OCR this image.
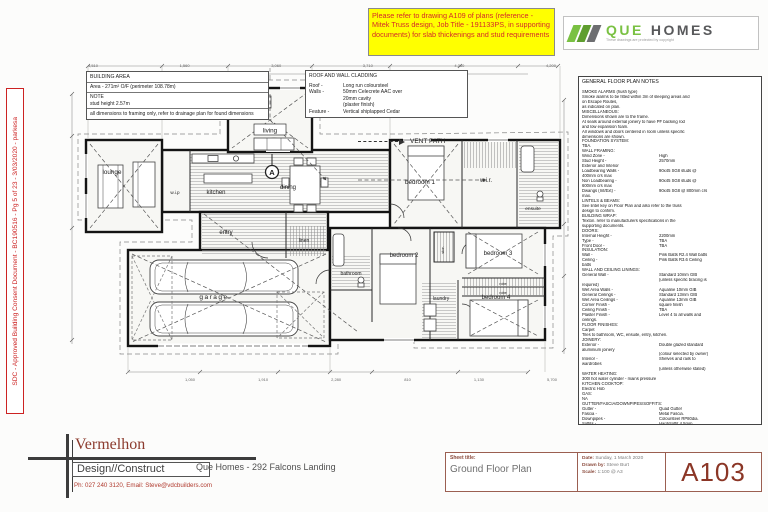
Please refer to drawing A109 of plans (reference - Mitek Truss design, Job Title - 191133PS, in supporting documents) for slab thickenings and stud requirements	QUE HOMES
These drawings are protected by copyright
SDC - Approved Building Consent Document - BC190516 - Pg 5 of 23 - 3/03/2020 - parkesa
BUILDING AREA
Area - 271m² O/F (perimeter 108.78m)
NOTE
stud height 2.57m
all dimensions to framing only, refer to drainage plan for found dimensions
ROOF AND WALL CLADDING
Roof -	Long run coloursteel
Walls -	50mm Celecrete AAC over
20mm cavity
(plaster finish)
Feature -	Vertical shiplapped Cedar
VENT PATH
GENERAL FLOOR PLAN NOTES
SMOKE ALARMS (hush type)
Smoke alarms to be fitted within 3m of sleeping areas and
on Escape Routes,
as indicated on plan.
MISCELLANEOUS:
Dimensions shown are to the frame.
At seals around external joinery to have PF backing rod
and low expansion foam.
All windows and doors centered in room unless specific
dimensions are shown.
FOUNDATION SYSTEM:
TBA.
WALL FRAMING:
Wind Zone -	High
Stud Height -	2570mm
Exterior and Interior
Loadbearing Walls -	90x45 SG8 studs @
400mm crs max
Non Loadbearing -	90x45 SG8 studs @
600mm crs max
Dwangs (Int/Ext) -	90x45 SG8 @ 800mm crs
max.
LINTELS & BEAMS:
See lintel key on Floor Plan and also refer to the truss
design to confirm.
BUILDING WRAP:
Texton. refer to manufacturers specifications in the
supporting documents.
DOORS:
Internal Height -	2200mm
Type -	TBA
Front Door -	TBA
INSULATION:
Wall -	Pink Batts R2.4 Wall batts
Ceiling -	Pink Batts R3.6 Ceiling
batts
WALL AND CEILING LININGS:
General Wall -	Standard 10mm GIB
(unless specific bracing is
required)
Wet Area Walls -	Aqualine 10mm GIB
General Ceilings -	Standard 13mm GIB
Wet Area Ceilings -	Aqualine 13mm GIB
Corner Finish -	square finish
Ceiling Finish -	TBA
Plaster Finish -	Level 4 to all walls and
ceilings.
FLOOR FINISHES:
Carpet
Tiles to bathroom, WC, ensuite, entry, kitchen.
JOINERY:
Exterior -	Double glazed standard
aluminium joinery
(colour selected by owner)
Interior -	Shelves and rails to
wardrobes
(unless otherwise stated)
WATER HEATING:
300l hot water cylinder - mains pressure
KITCHEN COOKTOP:
Electric Hob
GAS:
NA
GUTTER/FASCIA/DOWNPIPES/SOFFITS:
Gutter -	Quad Gutter
Fascia -	Metal Fascia.
Downpipes -	Coloursteel RP80dia.
Soffits -	HardiSoffit 4.5mm
4,510	1,560	3,060	3,710	4,360	4,200
1,050	1,910	2,280	810	1,130	5,700
A
living
lounge
w.i.p	kitchen
dining
entry
linen
bedroom 1	w.i.r.
ensuite
bedroom 2
bathroom
bedroom 3
stor.
laundry	bedroom 4
garage
robe
robe
Vermelhon
Design//Construct
Ph: 027 240 3120, Email: Steve@vdcbuilders.com
Que Homes - 292 Falcons Landing
Sheet title:
Ground Floor Plan
Date: Sunday, 1 March 2020
Drawn by: Steve Burt
Scale: 1:100 @ A3	A103
